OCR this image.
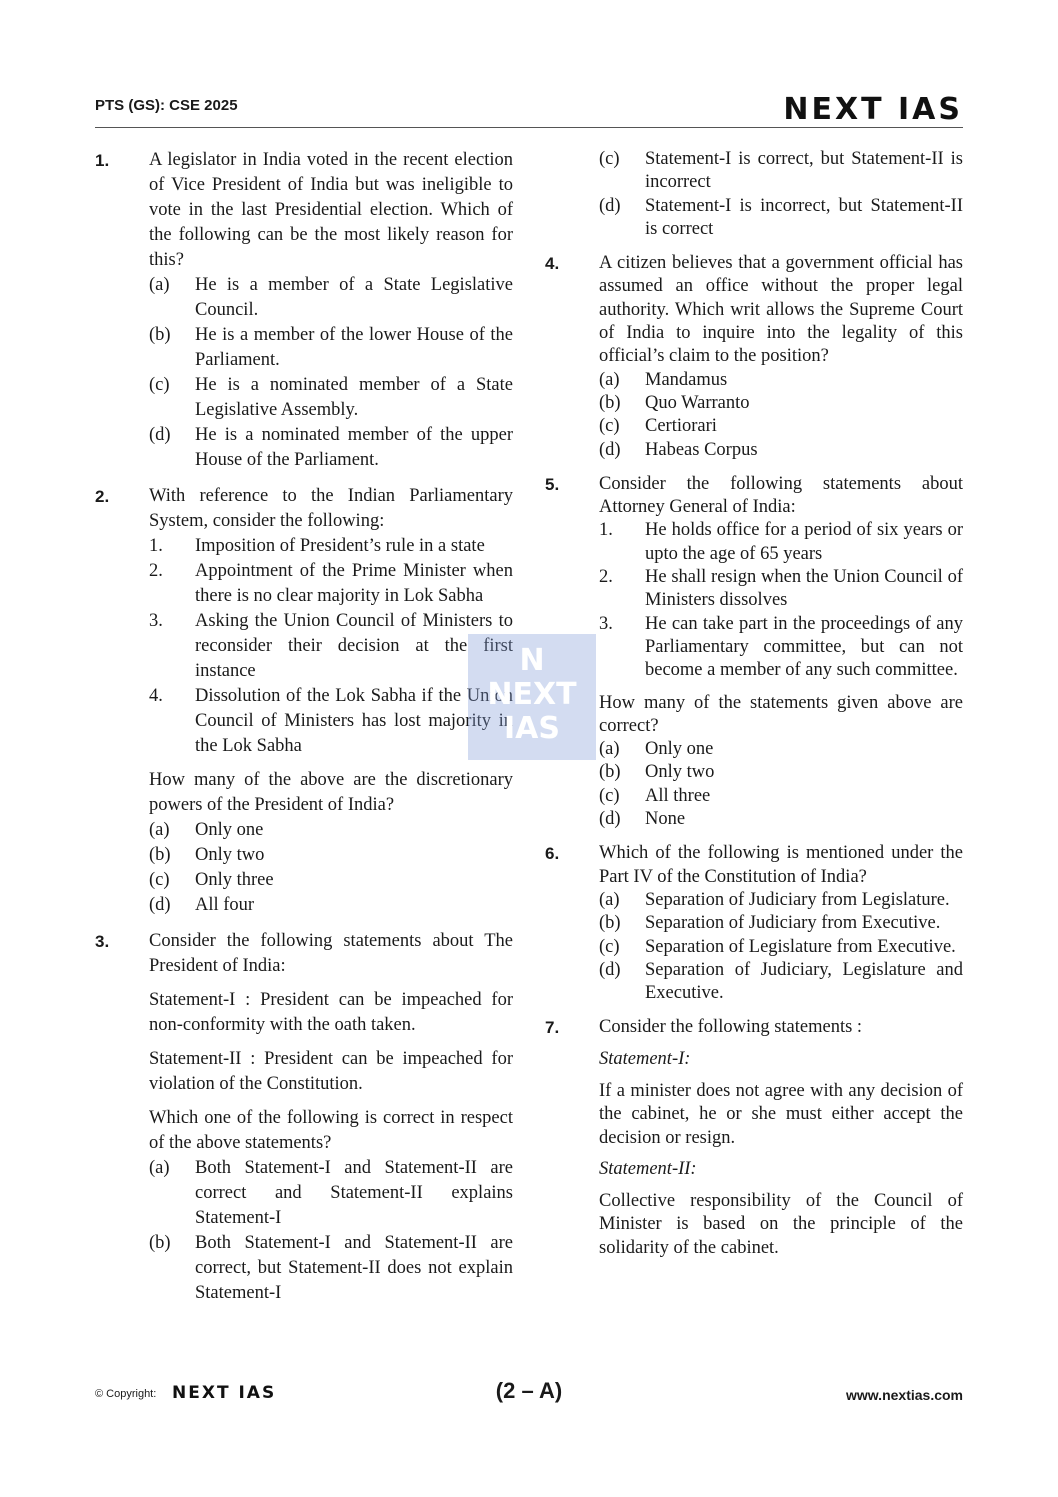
PTS (GS): CSE 2025	NEXT IAS
1. A legislator in India voted in the recent election of Vice President of India but was ineligible to vote in the last Presidential election. Which of the following can be the most likely reason for this?
(a) He is a member of a State Legislative Council.
(b) He is a member of the lower House of the Parliament.
(c) He is a nominated member of a State Legislative Assembly.
(d) He is a nominated member of the upper House of the Parliament.
2. With reference to the Indian Parliamentary System, consider the following:
1. Imposition of President’s rule in a state
2. Appointment of the Prime Minister when there is no clear majority in Lok Sabha
3. Asking the Union Council of Ministers to reconsider their decision at the first instance
4. Dissolution of the Lok Sabha if the Union Council of Ministers has lost majority in the Lok Sabha
How many of the above are the discretionary powers of the President of India?
(a) Only one
(b) Only two
(c) Only three
(d) All four
3. Consider the following statements about The President of India:
Statement-I : President can be impeached for non-conformity with the oath taken.
Statement-II : President can be impeached for violation of the Constitution.
Which one of the following is correct in respect of the above statements?
(a) Both Statement-I and Statement-II are correct and Statement-II explains Statement-I
(b) Both Statement-I and Statement-II are correct, but Statement-II does not explain Statement-I
(c) Statement-I is correct, but Statement-II is incorrect
(d) Statement-I is incorrect, but Statement-II is correct
4. A citizen believes that a government official has assumed an office without the proper legal authority. Which writ allows the Supreme Court of India to inquire into the legality of this official’s claim to the position?
(a) Mandamus
(b) Quo Warranto
(c) Certiorari
(d) Habeas Corpus
5. Consider the following statements about Attorney General of India:
1. He holds office for a period of six years or upto the age of 65 years
2. He shall resign when the Union Council of Ministers dissolves
3. He can take part in the proceedings of any Parliamentary committee, but can not become a member of any such committee.
How many of the statements given above are correct?
(a) Only one
(b) Only two
(c) All three
(d) None
6. Which of the following is mentioned under the Part IV of the Constitution of India?
(a) Separation of Judiciary from Legislature.
(b) Separation of Judiciary from Executive.
(c) Separation of Legislature from Executive.
(d) Separation of Judiciary, Legislature and Executive.
7. Consider the following statements :
Statement-I:
If a minister does not agree with any decision of the cabinet, he or she must either accept the decision or resign.
Statement-II:
Collective responsibility of the Council of Minister is based on the principle of the solidarity of the cabinet.
N
NEXT
IAS
© Copyright: NEXT IAS	(2 – A)	www.nextias.com
